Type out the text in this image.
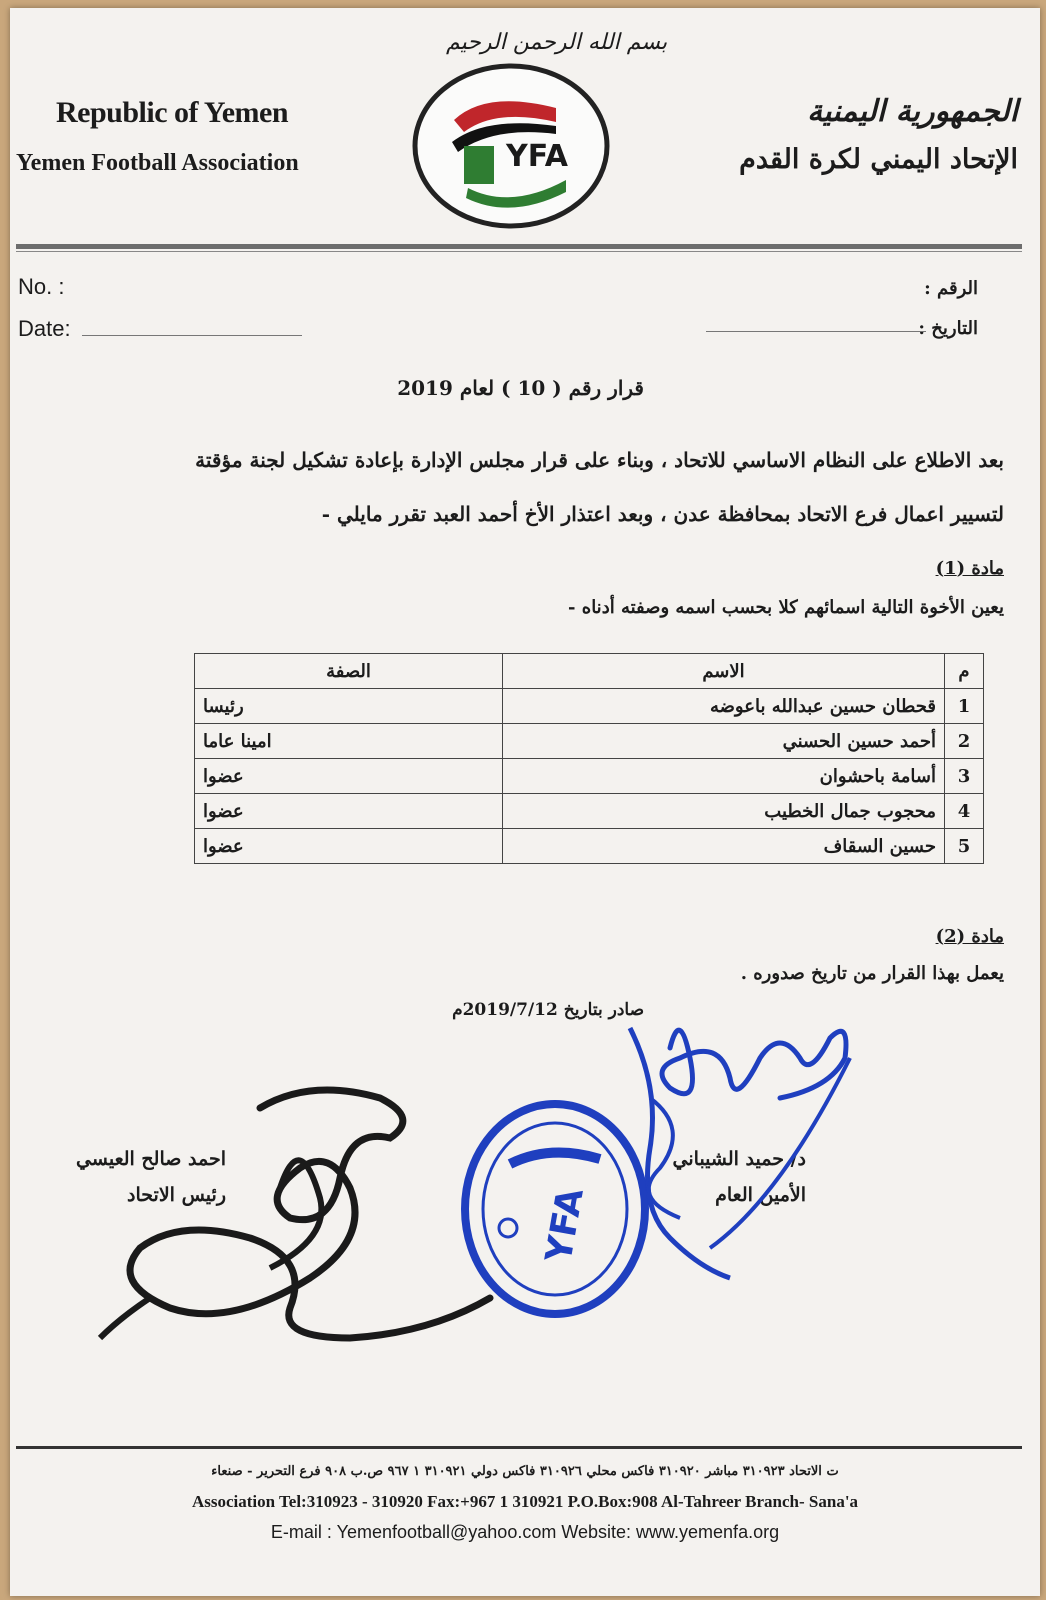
بسم الله الرحمن الرحيم
Republic of Yemen
Yemen Football Association
الجمهورية اليمنية
الإتحاد اليمني لكرة القدم
YFA
No. :
Date:
الرقم :
التاريخ :
قرار رقم ( 10 ) لعام 2019
بعد الاطلاع على النظام الاساسي للاتحاد ، وبناء على قرار مجلس الإدارة بإعادة تشكيل لجنة مؤقتة
لتسيير اعمال فرع الاتحاد بمحافظة عدن ، وبعد اعتذار الأخ أحمد العبد تقرر مايلي -
مادة (1)
يعين الأخوة التالية اسمائهم كلا بحسب اسمه وصفته أدناه -
م	الاسم	الصفة
1	قحطان حسين عبدالله باعوضه	رئيسا
2	أحمد حسين الحسني	امينا عاما
3	أسامة باحشوان	عضوا
4	محجوب جمال الخطيب	عضوا
5	حسين السقاف	عضوا
مادة (2)
يعمل بهذا القرار من تاريخ صدوره .
صادر بتاريخ 2019/7/12م
احمد صالح العيسي
رئيس الاتحاد
د/ حميد الشيباني
الأمين العام
YFA
ت الاتحاد ٣١٠٩٢٣ مباشر ٣١٠٩٢٠ فاكس محلي ٣١٠٩٢٦ فاكس دولي ٣١٠٩٢١ ١ ٩٦٧ ص.ب ٩٠٨ فرع التحرير - صنعاء
Association Tel:310923 - 310920 Fax:+967 1 310921 P.O.Box:908 Al-Tahreer Branch- Sana'a
E-mail : Yemenfootball@yahoo.com Website: www.yemenfa.org
